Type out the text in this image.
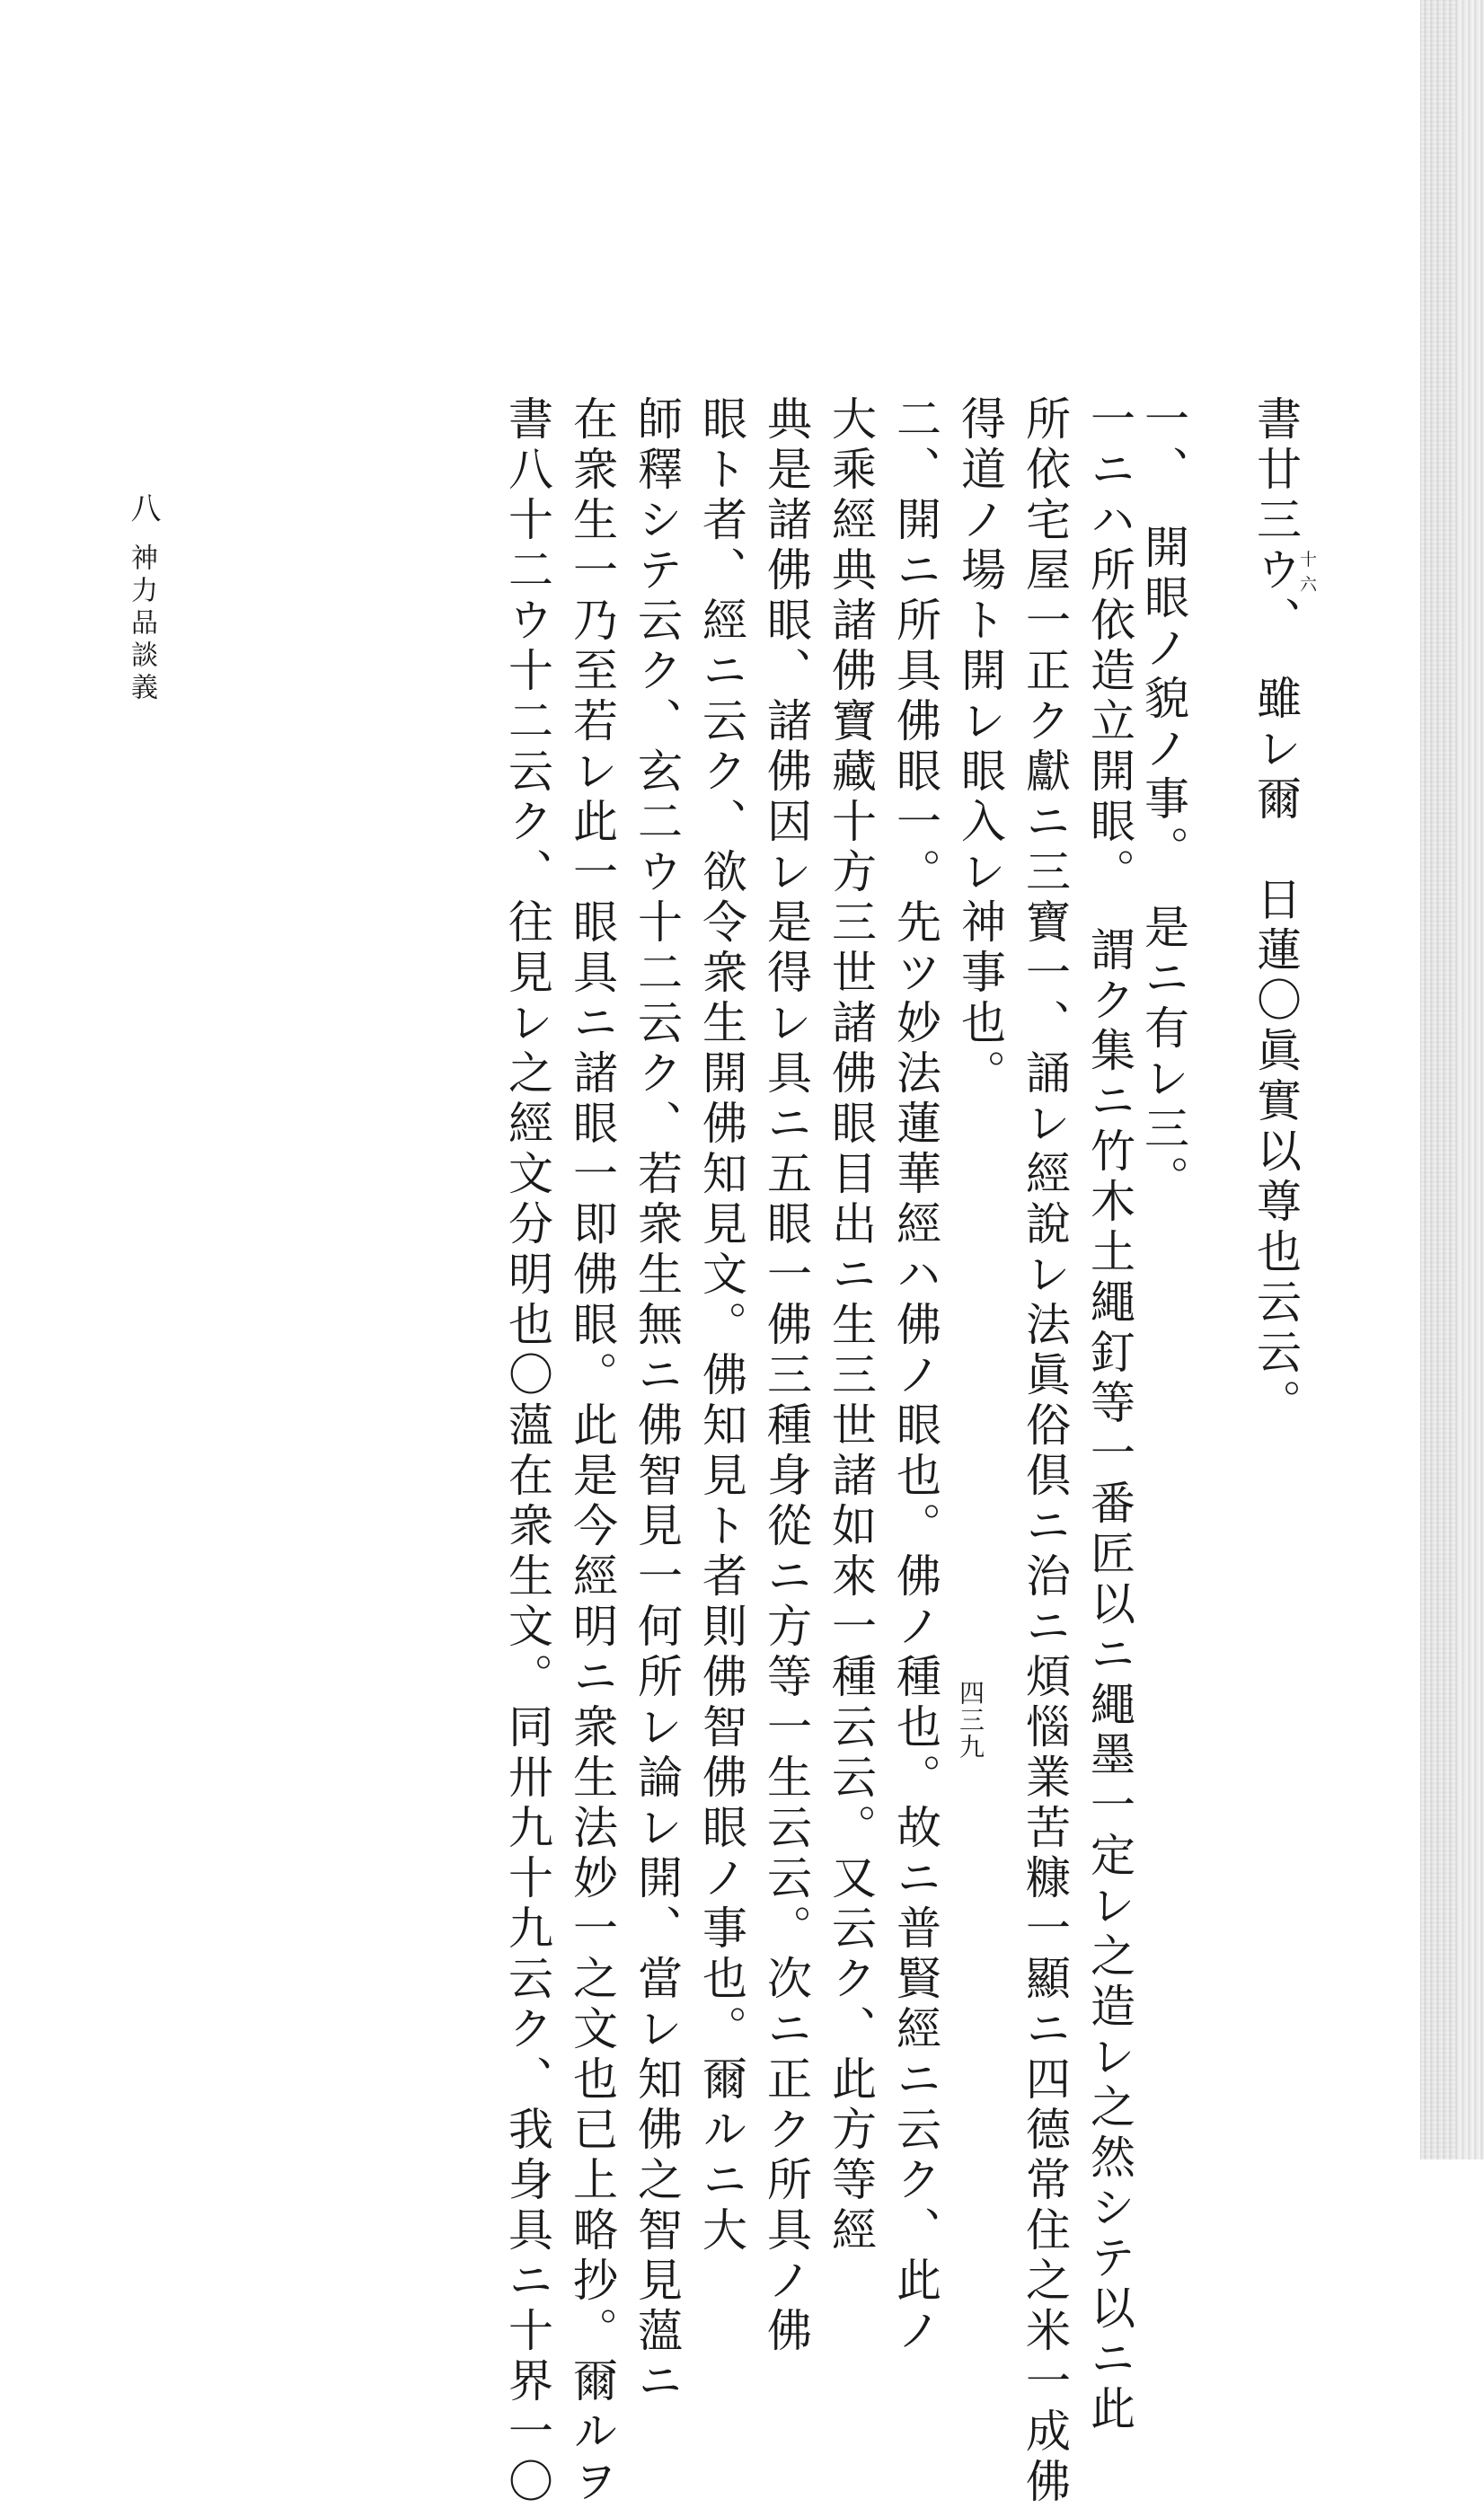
書廿三ウ十六、　雖レ爾　日蓮〇眞實以尊也云云。
一、　開眼ノ貌ノ事。　是ニ有レ三。
一ニハ所依造立開眼。　謂ク集ニ竹木土繩釘等一番匠以ニ繩墨一定レ之造レ之然シテ以ニ此
所依宅屋一正ク獻ニ三寶一、誦レ經說レ法眞俗倶ニ治ニ煩惱業苦糠一顯ニ四德常住之米一成佛
得道ノ場ト開レ眼入レ神事也。
二、開ニ所具佛眼一。先ツ妙法蓮華經ハ佛ノ眼也。佛ノ種也。故ニ普賢經ニ云ク、此ノ
大乘經典諸佛寶藏十方三世諸佛眼目出ニ生三世諸如來一種云云。又云ク、此方等經
典是諸佛眼、諸佛因レ是得レ具ニ五眼一佛三種身從ニ方等一生云云。次ニ正ク所具ノ佛
眼ト者、經ニ云ク、欲令衆生開佛知見文。佛知見ト者則佛智佛眼ノ事也。爾ルニ大
師釋シテ云ク、玄二ウ十二云ク、若衆生無ニ佛智見一何所レ論レ開、當レ知佛之智見薀ニ
在衆生一乃至若レ此一眼具ニ諸眼一即佛眼。此是今經明ニ衆生法妙一之文也已上略抄。爾ルヲ
書八十二ウ十二云ク、往見レ之經文分明也〇薀在衆生文。同卅九十九云ク、我身具ニ十界一〇
八
神力品談義
四三九
